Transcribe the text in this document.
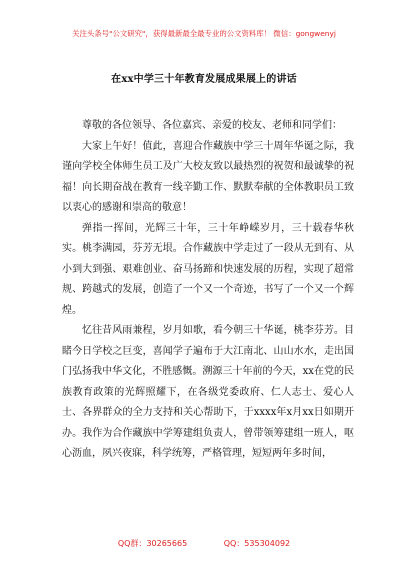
关注头条号"公文研究"，获得最新最全最专业的公文资料库！ 微信：gongwenyj
在xx中学三十年教育发展成果展上的讲话

尊敬的各位领导、各位嘉宾、亲爱的校友、老师和同学们：

大家上午好！值此，喜迎合作藏族中学三十周年华诞之际，我谨向学校全体师生员工及广大校友致以最热烈的祝贺和最诚挚的祝福！向长期奋战在教育一线辛勤工作、默默奉献的全体教职员工致以衷心的感谢和崇高的敬意！

弹指一挥间，光辉三十年，三十年峥嵘岁月，三十载春华秋实。桃李满园，芬芳无垠。合作藏族中学走过了一段从无到有、从小到大到强、艰难创业、奋马扬蹄和快速发展的历程，实现了超常规、跨越式的发展，创造了一个又一个奇迹，书写了一个又一个辉煌。

忆往昔风雨兼程，岁月如歌，看今朝三十华诞，桃李芬芳。目睹今日学校之巨变，喜闻学子遍布于大江南北、山山水水，走出国门弘扬我中华文化，不胜感慨。溯源三十年前的今天，xx在党的民族教育政策的光辉照耀下，在各级党委政府、仁人志士、爱心人士、各界群众的全力支持和关心帮助下，于xxxx年x月xx日如期开办。我作为合作藏族中学筹建组负责人，曾带领筹建组一班人，呕心沥血，夙兴夜寐，科学统筹，严格管理，短短两年多时间，

QQ群：30265665	QQ：535304092
